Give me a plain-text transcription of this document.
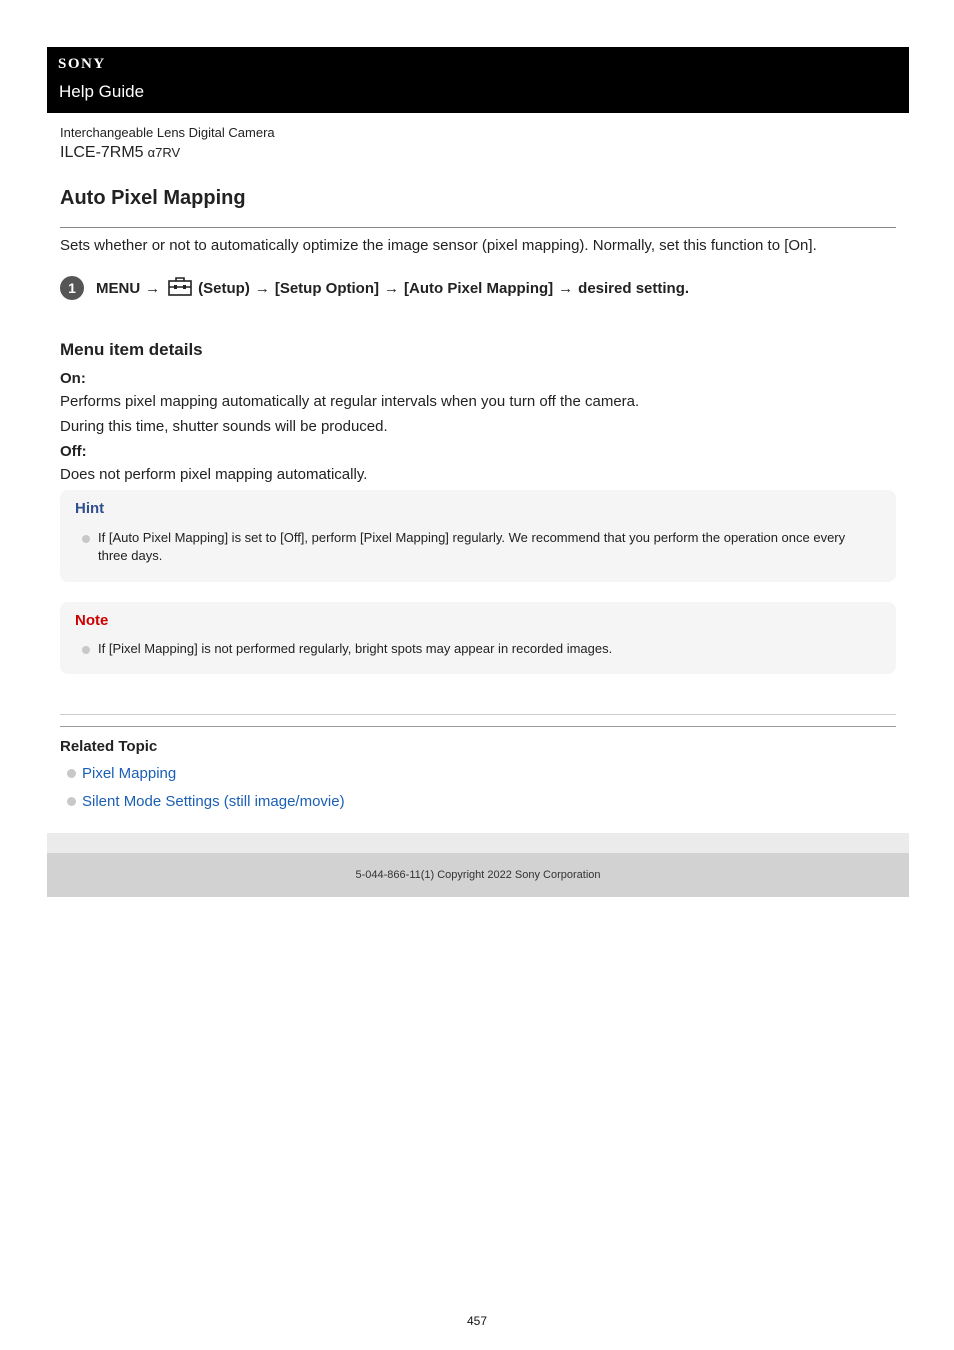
SONY
Help Guide
Interchangeable Lens Digital Camera
ILCE-7RM5 α7RV
Auto Pixel Mapping

Sets whether or not to automatically optimize the image sensor (pixel mapping). Normally, set this function to [On].

1	MENU →	(Setup) → [Setup Option] → [Auto Pixel Mapping] → desired setting.
Menu item details
On:
Performs pixel mapping automatically at regular intervals when you turn off the camera.
During this time, shutter sounds will be produced.
Off:
Does not perform pixel mapping automatically.
Hint
If [Auto Pixel Mapping] is set to [Off], perform [Pixel Mapping] regularly. We recommend that you perform the operation once every three days.
Note
If [Pixel Mapping] is not performed regularly, bright spots may appear in recorded images.
Related Topic
Pixel Mapping
Silent Mode Settings (still image/movie)
5-044-866-11(1) Copyright 2022 Sony Corporation
457
